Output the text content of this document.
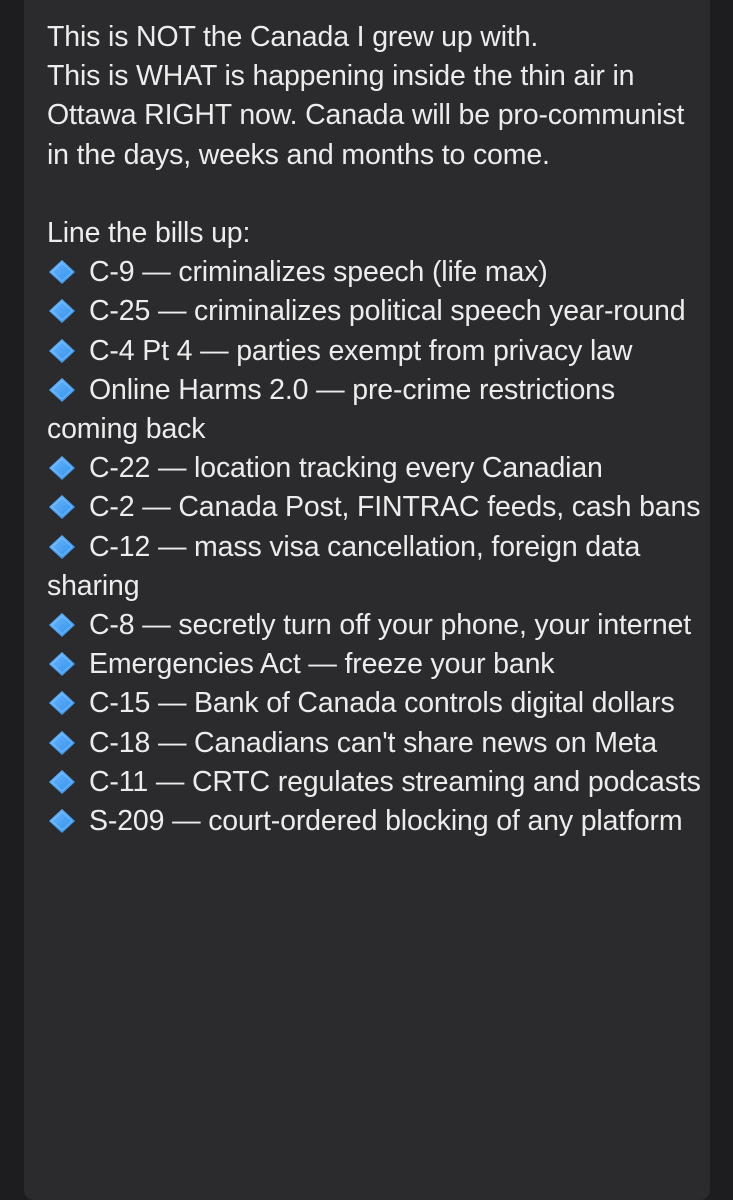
This is NOT the Canada I grew up with.

This is WHAT is happening inside the thin air in Ottawa RIGHT now. Canada will be pro-communist in the days, weeks and months to come.

Line the bills up:

C-9 — criminalizes speech (life max)

C-25 — criminalizes political speech year-round

C-4 Pt 4 — parties exempt from privacy law

Online Harms 2.0 — pre-crime restrictions coming back

C-22 — location tracking every Canadian

C-2 — Canada Post, FINTRAC feeds, cash bans

C-12 — mass visa cancellation, foreign data sharing

C-8 — secretly turn off your phone, your internet

Emergencies Act — freeze your bank

C-15 — Bank of Canada controls digital dollars

C-18 — Canadians can't share news on Meta

C-11 — CRTC regulates streaming and podcasts

S-209 — court-ordered blocking of any platform
